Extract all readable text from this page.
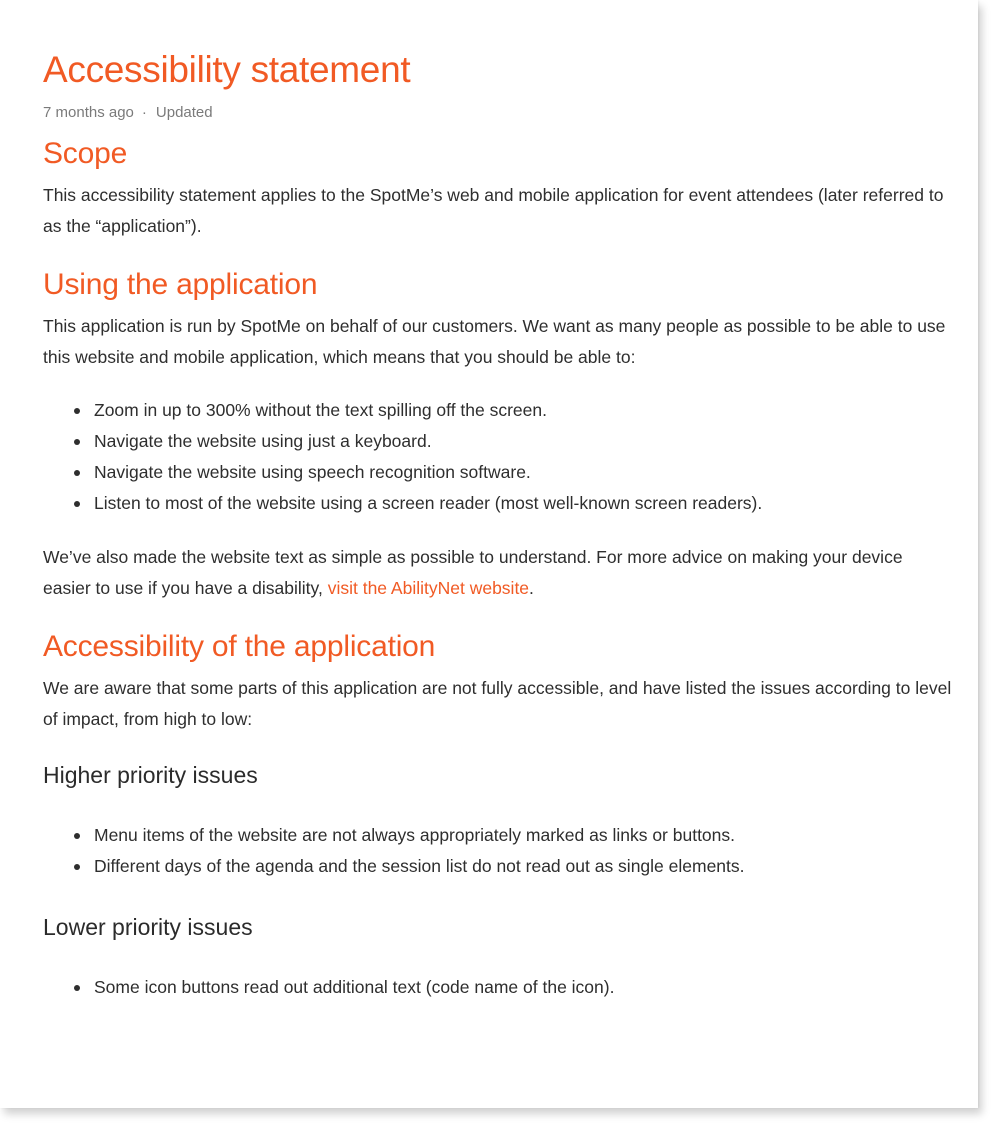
Accessibility statement
7 months ago · Updated
Scope

This accessibility statement applies to the SpotMe’s web and mobile application for event attendees (later referred to as the “application”).

Using the application

This application is run by SpotMe on behalf of our customers. We want as many people as possible to be able to use this website and mobile application, which means that you should be able to:

Zoom in up to 300% without the text spilling off the screen.
Navigate the website using just a keyboard.
Navigate the website using speech recognition software.
Listen to most of the website using a screen reader (most well-known screen readers).

We’ve also made the website text as simple as possible to understand. For more advice on making your device easier to use if you have a disability, visit the AbilityNet website.

Accessibility of the application

We are aware that some parts of this application are not fully accessible, and have listed the issues according to level of impact, from high to low:

Higher priority issues
Menu items of the website are not always appropriately marked as links or buttons.
Different days of the agenda and the session list do not read out as single elements.
Lower priority issues
Some icon buttons read out additional text (code name of the icon).
